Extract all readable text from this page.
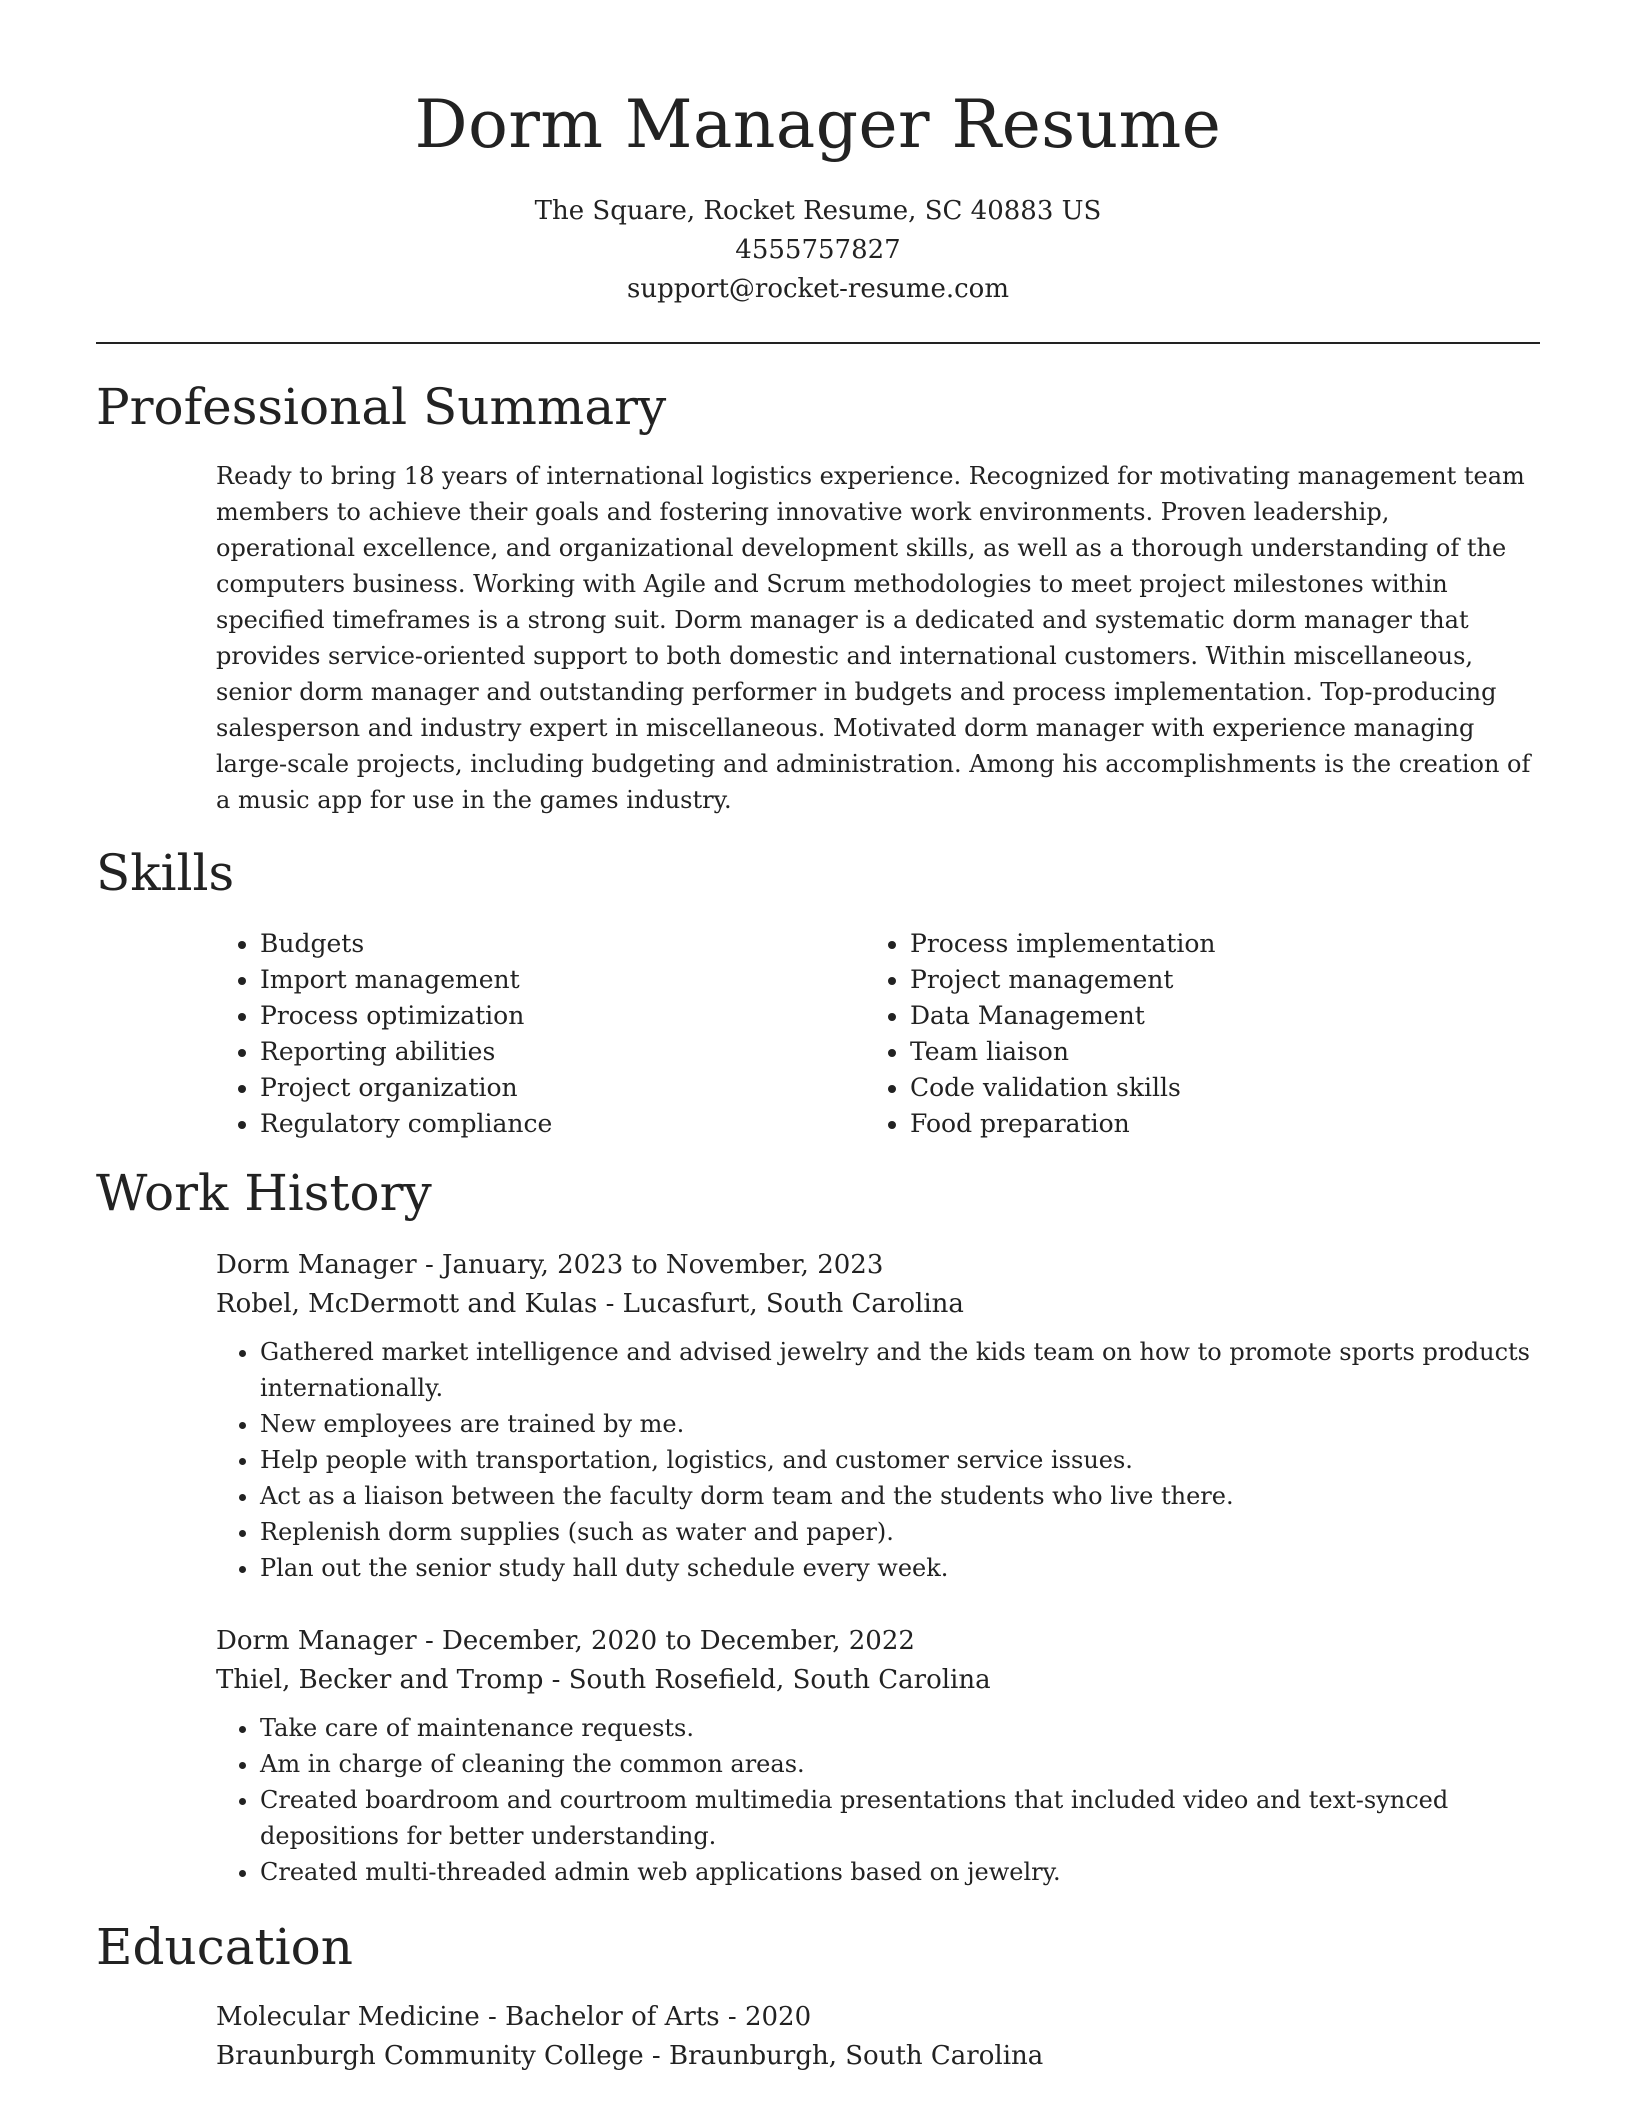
Dorm Manager Resume
The Square, Rocket Resume, SC 40883 US
4555757827
support@rocket-resume.com
Professional Summary

Ready to bring 18 years of international logistics experience. Recognized for motivating management team members to achieve their goals and fostering innovative work environments. Proven leadership, operational excellence, and organizational development skills, as well as a thorough understanding of the computers business. Working with Agile and Scrum methodologies to meet project milestones within specified timeframes is a strong suit. Dorm manager is a dedicated and systematic dorm manager that provides service-oriented support to both domestic and international customers. Within miscellaneous, senior dorm manager and outstanding performer in budgets and process implementation. Top-producing salesperson and industry expert in miscellaneous. Motivated dorm manager with experience managing large-scale projects, including budgeting and administration. Among his accomplishments is the creation of a music app for use in the games industry.

Skills
• Budgets
• Import management
• Process optimization
• Reporting abilities
• Project organization
• Regulatory compliance
• Process implementation
• Project management
• Data Management
• Team liaison
• Code validation skills
• Food preparation
Work History
Dorm Manager - January, 2023 to November, 2023
Robel, McDermott and Kulas - Lucasfurt, South Carolina
• Gathered market intelligence and advised jewelry and the kids team on how to promote sports products internationally.
• New employees are trained by me.
• Help people with transportation, logistics, and customer service issues.
• Act as a liaison between the faculty dorm team and the students who live there.
• Replenish dorm supplies (such as water and paper).
• Plan out the senior study hall duty schedule every week.
Dorm Manager - December, 2020 to December, 2022
Thiel, Becker and Tromp - South Rosefield, South Carolina
• Take care of maintenance requests.
• Am in charge of cleaning the common areas.
• Created boardroom and courtroom multimedia presentations that included video and text-synced depositions for better understanding.
• Created multi-threaded admin web applications based on jewelry.
Education
Molecular Medicine - Bachelor of Arts - 2020
Braunburgh Community College - Braunburgh, South Carolina
